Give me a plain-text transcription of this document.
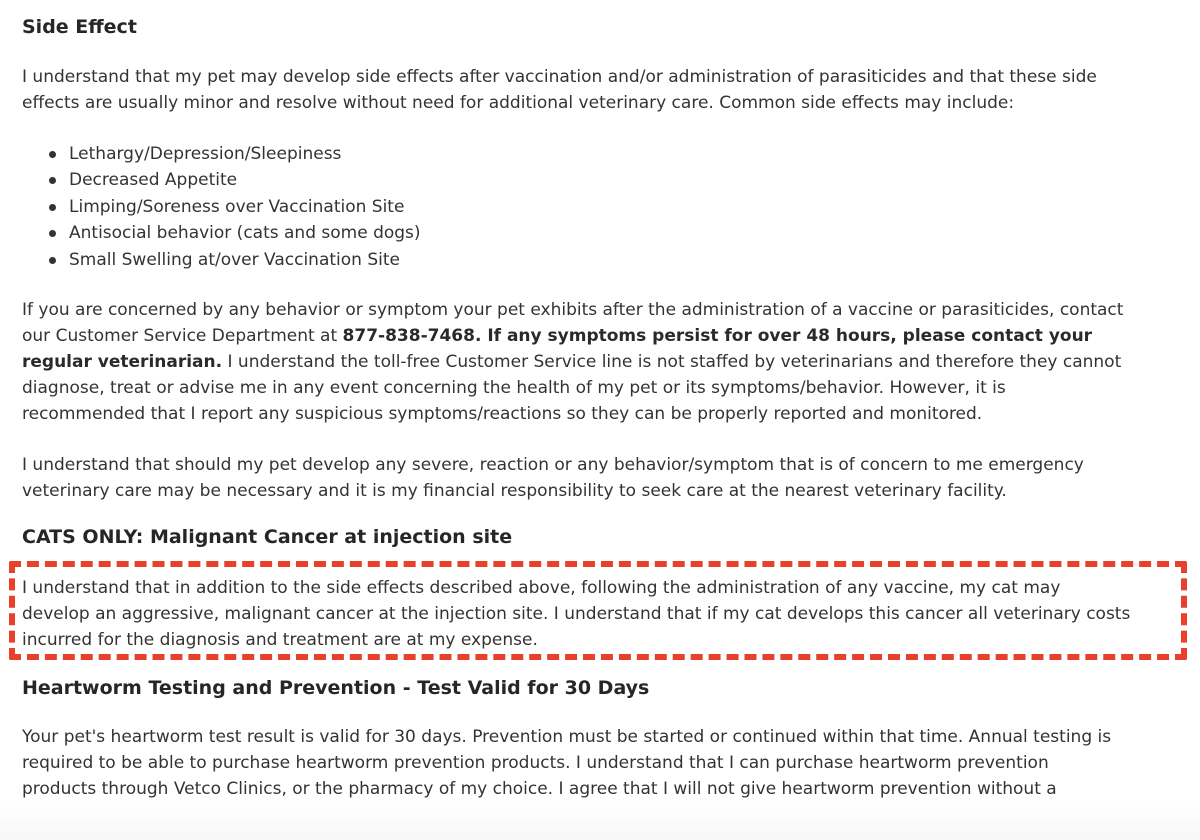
Side Effect

I understand that my pet may develop side effects after vaccination and/or administration of parasiticides and that these side
effects are usually minor and resolve without need for additional veterinary care. Common side effects may include:

Lethargy/Depression/Sleepiness
Decreased Appetite
Limping/Soreness over Vaccination Site
Antisocial behavior (cats and some dogs)
Small Swelling at/over Vaccination Site

If you are concerned by any behavior or symptom your pet exhibits after the administration of a vaccine or parasiticides, contact
our Customer Service Department at 877-838-7468. If any symptoms persist for over 48 hours, please contact your
regular veterinarian. I understand the toll-free Customer Service line is not staffed by veterinarians and therefore they cannot
diagnose, treat or advise me in any event concerning the health of my pet or its symptoms/behavior. However, it is
recommended that I report any suspicious symptoms/reactions so they can be properly reported and monitored.

I understand that should my pet develop any severe, reaction or any behavior/symptom that is of concern to me emergency
veterinary care may be necessary and it is my financial responsibility to seek care at the nearest veterinary facility.

CATS ONLY: Malignant Cancer at injection site

I understand that in addition to the side effects described above, following the administration of any vaccine, my cat may
develop an aggressive, malignant cancer at the injection site. I understand that if my cat develops this cancer all veterinary costs
incurred for the diagnosis and treatment are at my expense.

Heartworm Testing and Prevention - Test Valid for 30 Days

Your pet's heartworm test result is valid for 30 days. Prevention must be started or continued within that time. Annual testing is
required to be able to purchase heartworm prevention products. I understand that I can purchase heartworm prevention
products through Vetco Clinics, or the pharmacy of my choice. I agree that I will not give heartworm prevention without a
